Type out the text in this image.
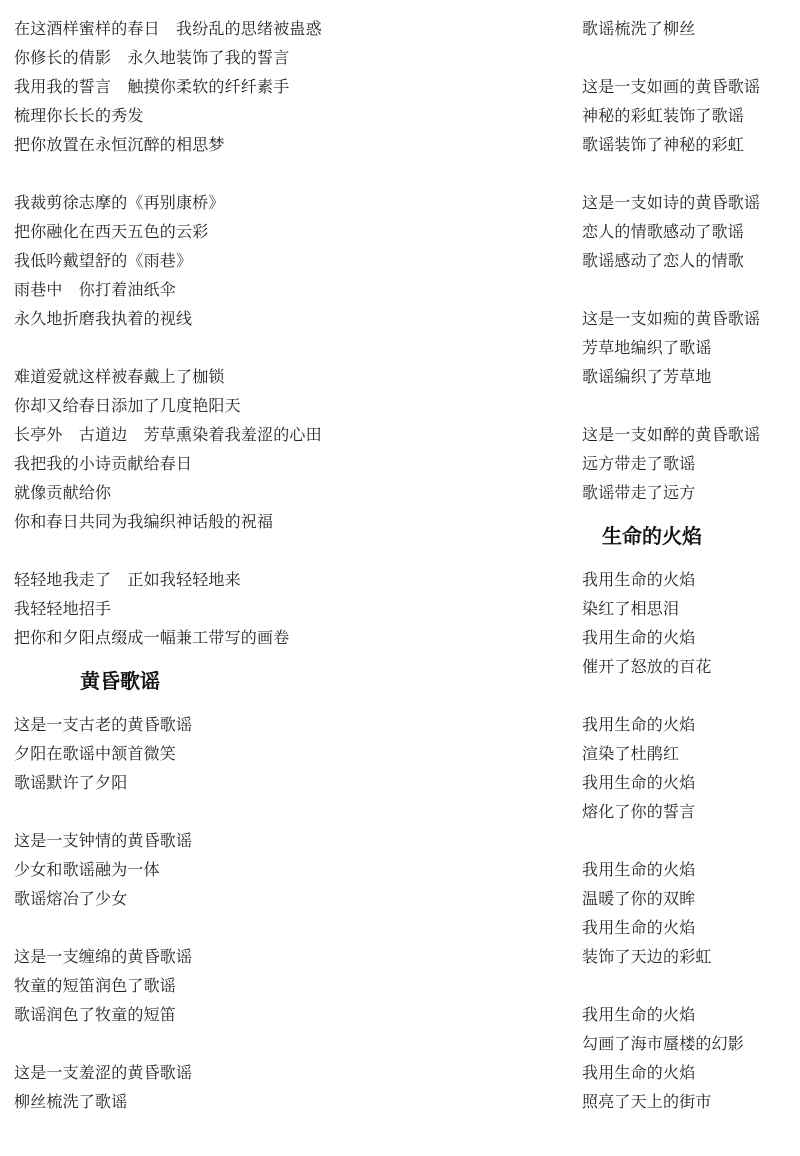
在这酒样蜜样的春日　我纷乱的思绪被蛊惑
你修长的倩影　永久地装饰了我的誓言
我用我的誓言　触摸你柔软的纤纤素手
梳理你长长的秀发
把你放置在永恒沉醉的相思梦
我裁剪徐志摩的《再别康桥》
把你融化在西天五色的云彩
我低吟戴望舒的《雨巷》
雨巷中　你打着油纸伞
永久地折磨我执着的视线
难道爱就这样被春戴上了枷锁
你却又给春日添加了几度艳阳天
长亭外　古道边　芳草熏染着我羞涩的心田
我把我的小诗贡献给春日
就像贡献给你
你和春日共同为我编织神话般的祝福
轻轻地我走了　正如我轻轻地来
我轻轻地招手
把你和夕阳点缀成一幅兼工带写的画卷
黄昏歌谣
这是一支古老的黄昏歌谣
夕阳在歌谣中颔首微笑
歌谣默许了夕阳
这是一支钟情的黄昏歌谣
少女和歌谣融为一体
歌谣熔冶了少女
这是一支缠绵的黄昏歌谣
牧童的短笛润色了歌谣
歌谣润色了牧童的短笛
这是一支羞涩的黄昏歌谣
柳丝梳洗了歌谣
歌谣梳洗了柳丝
这是一支如画的黄昏歌谣
神秘的彩虹装饰了歌谣
歌谣装饰了神秘的彩虹
这是一支如诗的黄昏歌谣
恋人的情歌感动了歌谣
歌谣感动了恋人的情歌
这是一支如痴的黄昏歌谣
芳草地编织了歌谣
歌谣编织了芳草地
这是一支如醉的黄昏歌谣
远方带走了歌谣
歌谣带走了远方
生命的火焰
我用生命的火焰
染红了相思泪
我用生命的火焰
催开了怒放的百花
我用生命的火焰
渲染了杜鹃红
我用生命的火焰
熔化了你的誓言
我用生命的火焰
温暖了你的双眸
我用生命的火焰
装饰了天边的彩虹
我用生命的火焰
勾画了海市蜃楼的幻影
我用生命的火焰
照亮了天上的街市
